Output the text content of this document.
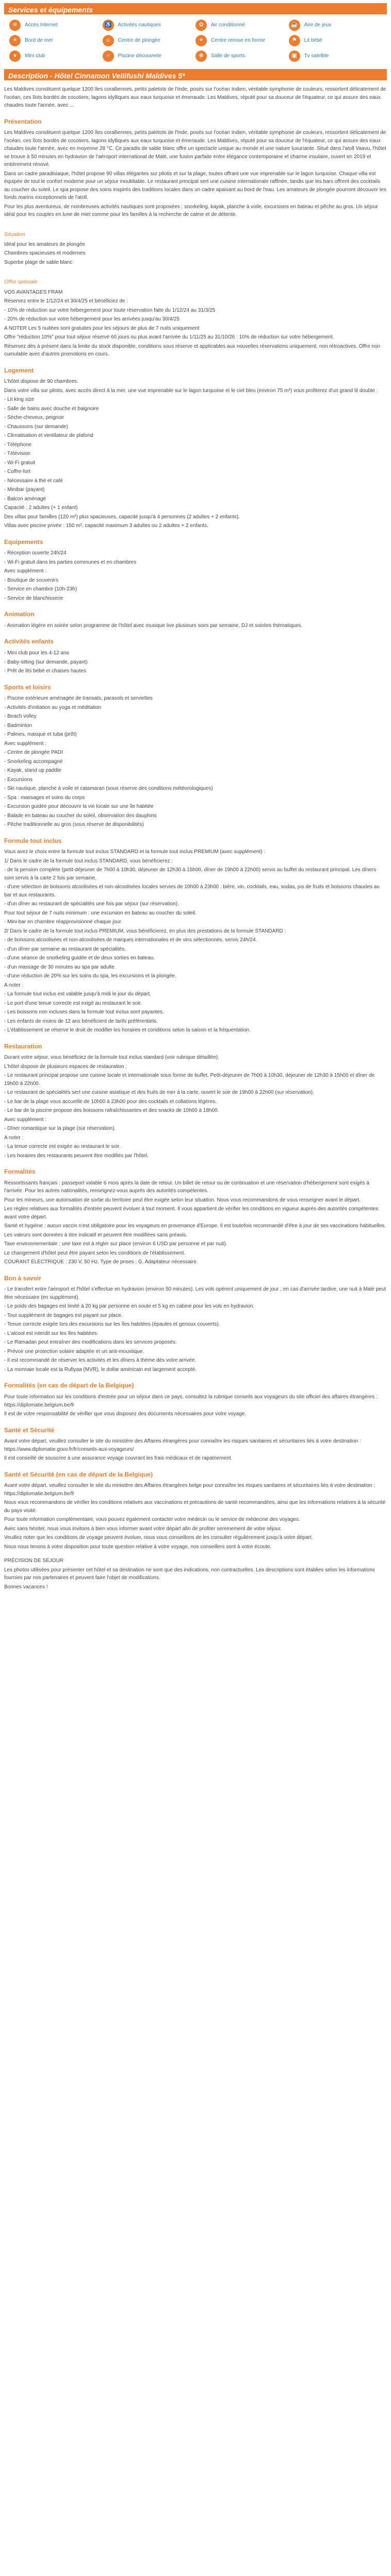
Services et équipements
≋	Accès Internet	♿	Activités nautiques	✿	Air conditionné	☕	Aire de jeux
☀	Bord de mer	☺	Centre de plongée	✦	Centre remise en forme	⚑	Lit bébé
♦	Mini club	≈	Piscine découverte	❀	Salle de sports	▣	Tv satellite
Description - Hôtel Cinnamon Vellifushi Maldives 5*

Les Maldives constituent quelque 1200 îles coralliennes, petits paletots de l'Inde, posés sur l'océan Indien, véritable symphonie de couleurs, ressortent délicatement de l'océan, ces îlots bordés de cocotiers, lagons idylliques aux eaux turquoise et émeraude. Les Maldives, réputé pour sa douceur de l'équateur, ce qui assure des eaux chaudes toute l'année, avec ...

Présentation

Les Maldives constituent quelque 1200 îles coralliennes, petits paletots de l'Inde, posés sur l'océan Indien, véritable symphonie de couleurs, ressortent délicatement de l'océan, ces îlots bordés de cocotiers, lagons idylliques aux eaux turquoise et émeraude. Les Maldives, réputé pour sa douceur de l'équateur, ce qui assure des eaux chaudes toute l'année, avec en moyenne 28 °C. Ce paradis de sable blanc offre un spectacle unique au monde et une nature luxuriante. Situé dans l'atoll Vaavu, l'hôtel se trouve à 50 minutes en hydravion de l'aéroport international de Malé, une fusion parfaite entre élégance contemporaine et charme insulaire, ouvert en 2019 et entièrement rénové.

Dans un cadre paradisiaque, l'hôtel propose 90 villas élégantes sur pilotis et sur la plage, toutes offrant une vue imprenable sur le lagon turquoise. Chaque villa est équipée de tout le confort moderne pour un séjour inoubliable. Le restaurant principal sert une cuisine internationale raffinée, tandis que les bars offrent des cocktails au coucher du soleil. Le spa propose des soins inspirés des traditions locales dans un cadre apaisant au bord de l'eau. Les amateurs de plongée pourront découvrir les fonds marins exceptionnels de l'atoll.

Pour les plus aventureux, de nombreuses activités nautiques sont proposées : snorkeling, kayak, planche à voile, excursions en bateau et pêche au gros. Un séjour idéal pour les couples en lune de miel comme pour les familles à la recherche de calme et de détente.

Situation

Idéal pour les amateurs de plongée

Chambres spacieuses et modernes

Superbe plage de sable blanc

Offre spéciale

VOS AVANTAGES FRAM

Réservez entre le 1/12/24 et 30/4/25 et bénéficiez de :

- 10% de réduction sur votre hébergement pour toute réservation faite du 1/12/24 au 31/3/25

- 20% de réduction sur votre hébergement pour les arrivées jusqu'au 30/4/25

A NOTER Les 5 nuitées sont gratuites pour les séjours de plus de 7 nuits uniquement

Offre "réduction 10%" pour tout séjour réservé 60 jours ou plus avant l'arrivée du 1/11/25 au 31/10/26 : 10% de réduction sur votre hébergement.

Réservez dès à présent dans la limite du stock disponible, conditions sous réserve et applicables aux nouvelles réservations uniquement, non rétroactives. Offre non cumulable avec d'autres promotions en cours.

Logement

L'hôtel dispose de 90 chambres.

Dans votre villa sur pilotis, avec accès direct à la mer, une vue imprenable sur le lagon turquoise et le ciel bleu (environ 75 m²) vous profiterez d'un grand lit double :

- Lit king size

- Salle de bains avec douche et baignoire

- Sèche-cheveux, peignoir

- Chaussons (sur demande)

- Climatisation et ventilateur de plafond

- Téléphone

- Télévision

- Wi-Fi gratuit

- Coffre-fort

- Nécessaire à thé et café

- Minibar (payant)

- Balcon aménagé

Capacité : 2 adultes (+ 1 enfant)

Des villas pour familles (120 m²) plus spacieuses, capacité jusqu'à 4 personnes (2 adultes + 2 enfants).

Villas avec piscine privée : 150 m², capacité maximum 3 adultes ou 2 adultes + 2 enfants.

Equipements

- Réception ouverte 24h/24

- Wi-Fi gratuit dans les parties communes et en chambres

Avec supplément :

- Boutique de souvenirs

- Service en chambre (10h-23h)

- Service de blanchisserie

Animation

- Animation légère en soirée selon programme de l'hôtel avec musique live plusieurs soirs par semaine, DJ et soirées thématiques.

Activités enfants

- Mini club pour les 4-12 ans

- Baby-sitting (sur demande, payant)

- Prêt de lits bébé et chaises hautes

Sports et loisirs

- Piscine extérieure aménagée de transats, parasols et serviettes

- Activités d'initiation au yoga et méditation

- Beach volley

- Badminton

- Palmes, masque et tuba (prêt)

Avec supplément :

- Centre de plongée PADI

- Snorkeling accompagné

- Kayak, stand up paddle

- Excursions

- Ski nautique, planche à voile et catamaran (sous réserve des conditions météorologiques)

- Spa : massages et soins du corps

- Excursion guidée pour découvrir la vie locale sur une île habitée

- Balade en bateau au coucher du soleil, observation des dauphins

- Pêche traditionnelle au gros (sous réserve de disponibilités)

Formule tout inclus

Vous avez le choix entre la formule tout inclus STANDARD et la formule tout inclus PREMIUM (avec supplément) :

1/ Dans le cadre de la formule tout inclus STANDARD, vous bénéficierez :

- de la pension complète (petit-déjeuner de 7h00 à 10h30, déjeuner de 12h30 à 15h00, dîner de 19h00 à 22h00) servis au buffet du restaurant principal. Les dîners sont servis à la carte 2 fois par semaine.

- d'une sélection de boissons alcoolisées et non-alcoolisées locales servies de 10h00 à 23h00 : bière, vin, cocktails, eau, sodas, jus de fruits et boissons chaudes au bar et aux restaurants.

- d'un dîner au restaurant de spécialités une fois par séjour (sur réservation).

Pour tout séjour de 7 nuits minimum : une excursion en bateau au coucher du soleil.

- Mini-bar en chambre réapprovisionné chaque jour.

2/ Dans le cadre de la formule tout inclus PREMIUM, vous bénéficierez, en plus des prestations de la formule STANDARD :

- de boissons alcoolisées et non-alcoolisées de marques internationales et de vins sélectionnés, servis 24h/24.

- d'un dîner par semaine au restaurant de spécialités.

- d'une séance de snorkeling guidée et de deux sorties en bateau.

- d'un massage de 30 minutes au spa par adulte.

- d'une réduction de 20% sur les soins du spa, les excursions et la plongée.

A noter :

- La formule tout inclus est valable jusqu'à midi le jour du départ.

- Le port d'une tenue correcte est exigé au restaurant le soir.

- Les boissons non incluses dans la formule tout inclus sont payantes.

- Les enfants de moins de 12 ans bénéficient de tarifs préférentiels.

- L'établissement se réserve le droit de modifier les horaires et conditions selon la saison et la fréquentation.

Restauration

Durant votre séjour, vous bénéficiez de la formule tout inclus standard (voir rubrique détaillée).

L'hôtel dispose de plusieurs espaces de restauration :

- Le restaurant principal propose une cuisine locale et internationale sous forme de buffet. Petit-déjeuner de 7h00 à 10h30, déjeuner de 12h30 à 15h00 et dîner de 19h00 à 22h00.

- Le restaurant de spécialités sert une cuisine asiatique et des fruits de mer à la carte, ouvert le soir de 19h00 à 22h00 (sur réservation).

- Le bar de la plage vous accueille de 10h00 à 23h00 pour des cocktails et collations légères.

- Le bar de la piscine propose des boissons rafraîchissantes et des snacks de 10h00 à 18h00.

Avec supplément :

- Dîner romantique sur la plage (sur réservation).

A noter :

- La tenue correcte est exigée au restaurant le soir.

- Les horaires des restaurants peuvent être modifiés par l'hôtel.

Formalités

Ressortissants français : passeport valable 6 mois après la date de retour. Un billet de retour ou de continuation et une réservation d'hébergement sont exigés à l'arrivée. Pour les autres nationalités, renseignez-vous auprès des autorités compétentes.

Pour les mineurs, une autorisation de sortie du territoire peut être exigée selon leur situation. Nous vous recommandons de vous renseigner avant le départ.

Les règles relatives aux formalités d'entrée peuvent évoluer à tout moment. Il vous appartient de vérifier les conditions en vigueur auprès des autorités compétentes avant votre départ.

Santé et hygiène : aucun vaccin n'est obligatoire pour les voyageurs en provenance d'Europe. Il est toutefois recommandé d'être à jour de ses vaccinations habituelles.

Les valeurs sont données à titre indicatif et peuvent être modifiées sans préavis.

Taxe environnementale : une taxe est à régler sur place (environ 6 USD par personne et par nuit).

Le changement d'hôtel peut être payant selon les conditions de l'établissement.

COURANT ÉLECTRIQUE : 230 V, 50 Hz. Type de prises : G. Adaptateur nécessaire.

Bon à savoir

- Le transfert entre l'aéroport et l'hôtel s'effectue en hydravion (environ 50 minutes). Les vols opèrent uniquement de jour ; en cas d'arrivée tardive, une nuit à Malé peut être nécessaire (en supplément).

- Le poids des bagages est limité à 20 kg par personne en soute et 5 kg en cabine pour les vols en hydravion.

- Tout supplément de bagages est payant sur place.

- Tenue correcte exigée lors des excursions sur les îles habitées (épaules et genoux couverts).

- L'alcool est interdit sur les îles habitées.

- Le Ramadan peut entraîner des modifications dans les services proposés.

- Prévoir une protection solaire adaptée et un anti-moustique.

- Il est recommandé de réserver les activités et les dîners à thème dès votre arrivée.

- La monnaie locale est la Rufiyaa (MVR), le dollar américain est largement accepté.

Formalités (en cas de départ de la Belgique)

Pour toute information sur les conditions d'entrée pour un séjour dans ce pays, consultez la rubrique conseils aux voyageurs du site officiel des affaires étrangères : https://diplomatie.belgium.be/fr

Il est de votre responsabilité de vérifier que vous disposez des documents nécessaires pour votre voyage.

Santé et Sécurité

Avant votre départ, veuillez consulter le site du ministère des Affaires étrangères pour connaître les risques sanitaires et sécuritaires liés à votre destination : https://www.diplomatie.gouv.fr/fr/conseils-aux-voyageurs/

Il est conseillé de souscrire à une assurance voyage couvrant les frais médicaux et de rapatriement.

Santé et Sécurité (en cas de départ de la Belgique)

Avant votre départ, veuillez consulter le site du ministère des Affaires étrangères belge pour connaître les risques sanitaires et sécuritaires liés à votre destination : https://diplomatie.belgium.be/fr

Nous vous recommandons de vérifier les conditions relatives aux vaccinations et précautions de santé recommandées, ainsi que les informations relatives à la sécurité du pays visité.

Pour toute information complémentaire, vous pouvez également contacter votre médecin ou le service de médecine des voyages.

Avec sans hésiter, nous vous invitons à bien vous informer avant votre départ afin de profiter sereinement de votre séjour.

Veuillez noter que les conditions de voyage peuvent évoluer, nous vous conseillons de les consulter régulièrement jusqu'à votre départ.

Nous nous tenons à votre disposition pour toute question relative à votre voyage, nos conseillers sont à votre écoute.

PRÉCISION DE SÉJOUR

Les photos utilisées pour présenter cet hôtel et sa destination ne sont que des indications, non contractuelles. Les descriptions sont établies selon les informations fournies par nos partenaires et peuvent faire l'objet de modifications.

Bonnes vacances !
